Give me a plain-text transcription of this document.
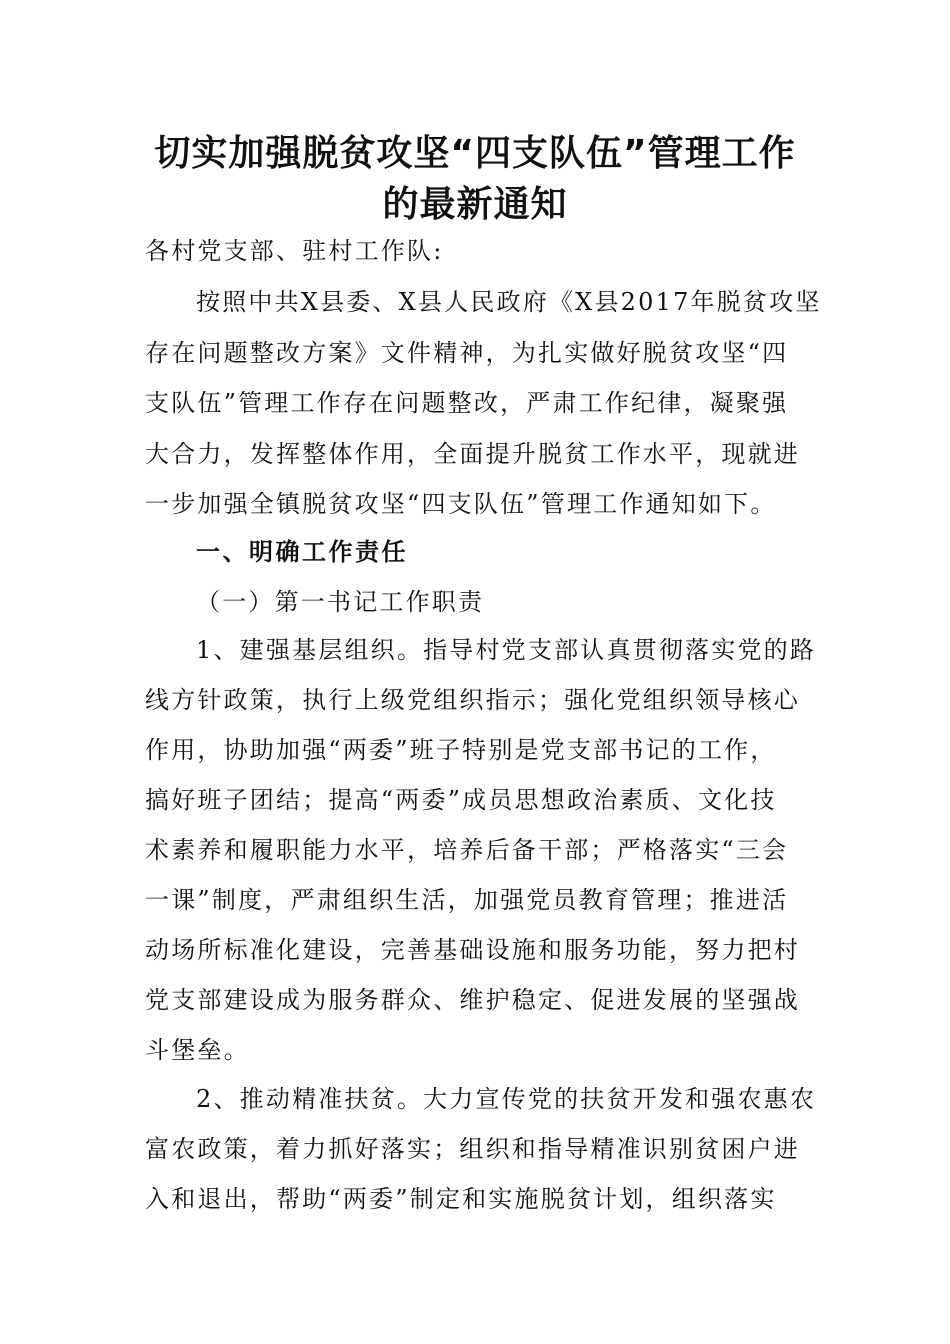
切实加强脱贫攻坚“四支队伍”管理工作
的最新通知
各村党支部、驻村工作队:
按照中共X县委、X县人民政府《X县2017年脱贫攻坚
存在问题整改方案》文件精神，为扎实做好脱贫攻坚“四
支队伍”管理工作存在问题整改，严肃工作纪律，凝聚强
大合力，发挥整体作用，全面提升脱贫工作水平，现就进
一步加强全镇脱贫攻坚“四支队伍”管理工作通知如下。
一、明确工作责任
（一）第一书记工作职责
1、建强基层组织。指导村党支部认真贯彻落实党的路
线方针政策，执行上级党组织指示；强化党组织领导核心
作用，协助加强“两委”班子特别是党支部书记的工作，
搞好班子团结；提高“两委”成员思想政治素质、文化技
术素养和履职能力水平，培养后备干部；严格落实“三会
一课”制度，严肃组织生活，加强党员教育管理；推进活
动场所标准化建设，完善基础设施和服务功能，努力把村
党支部建设成为服务群众、维护稳定、促进发展的坚强战
斗堡垒。
2、推动精准扶贫。大力宣传党的扶贫开发和强农惠农
富农政策，着力抓好落实；组织和指导精准识别贫困户进
入和退出，帮助“两委”制定和实施脱贫计划，组织落实
